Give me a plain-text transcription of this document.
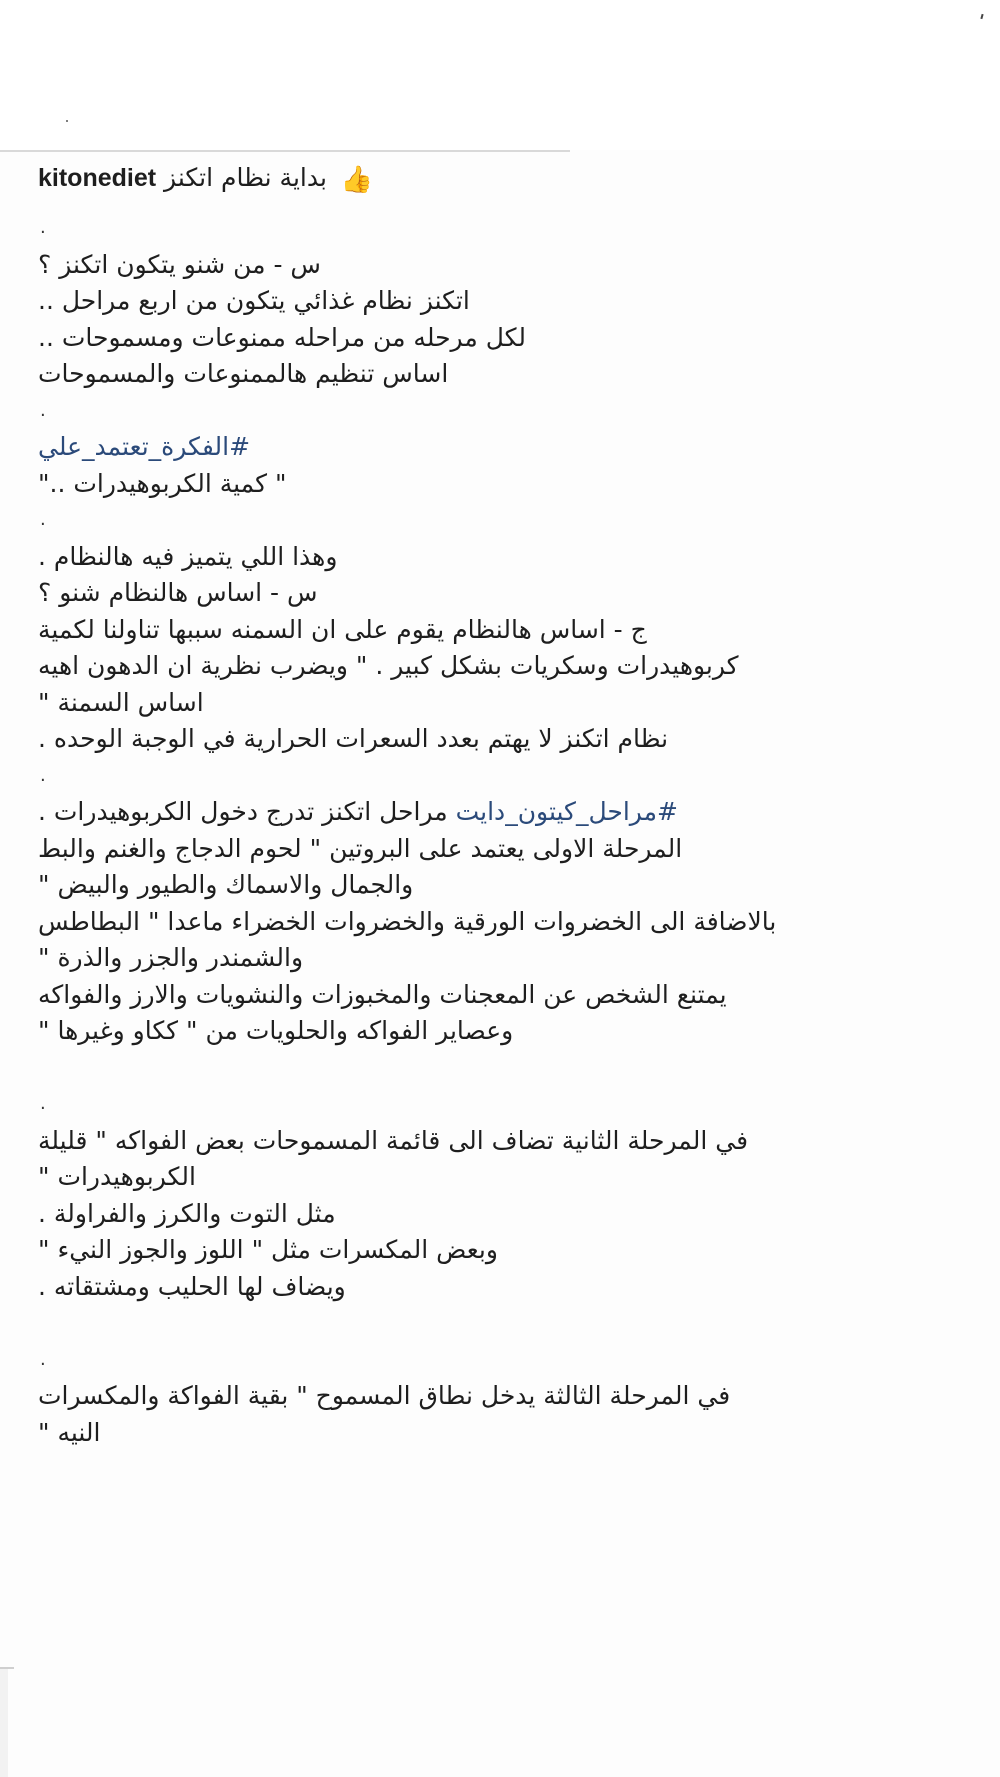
kitonediet بداية نظام اتكنز 👍
.
س - من شنو يتكون اتكنز ؟
اتكنز نظام غذائي يتكون من اربع مراحل ..
لكل مرحله من مراحله ممنوعات ومسموحات ..
اساس تنظيم هالممنوعات والمسموحات
.
#الفكرة_تعتمد_علي
" كمية الكربوهيدرات .."
.
وهذا اللي يتميز فيه هالنظام .
س - اساس هالنظام شنو ؟
ج - اساس هالنظام يقوم على ان السمنه سببها تناولنا لكمية
كربوهيدرات وسكريات بشكل كبير . " ويضرب نظرية ان الدهون اهيه
اساس السمنة "
نظام اتكنز لا يهتم بعدد السعرات الحرارية في الوجبة الوحده .
.
#مراحل_كيتون_دايت مراحل اتكنز تدرج دخول الكربوهيدرات .
المرحلة الاولى يعتمد على البروتين " لحوم الدجاج والغنم والبط
والجمال والاسماك والطيور والبيض "
بالاضافة الى الخضروات الورقية والخضروات الخضراء ماعدا " البطاطس
والشمندر والجزر والذرة "
يمتنع الشخص عن المعجنات والمخبوزات والنشويات والارز والفواكه
وعصاير الفواكه والحلويات من " ككاو وغيرها "
.
في المرحلة الثانية تضاف الى قائمة المسموحات بعض الفواكه " قليلة
الكربوهيدرات "
مثل التوت والكرز والفراولة .
وبعض المكسرات مثل " اللوز والجوز النيء "
ويضاف لها الحليب ومشتقاته .
.
في المرحلة الثالثة يدخل نطاق المسموح " بقية الفواكة والمكسرات
النيه "
